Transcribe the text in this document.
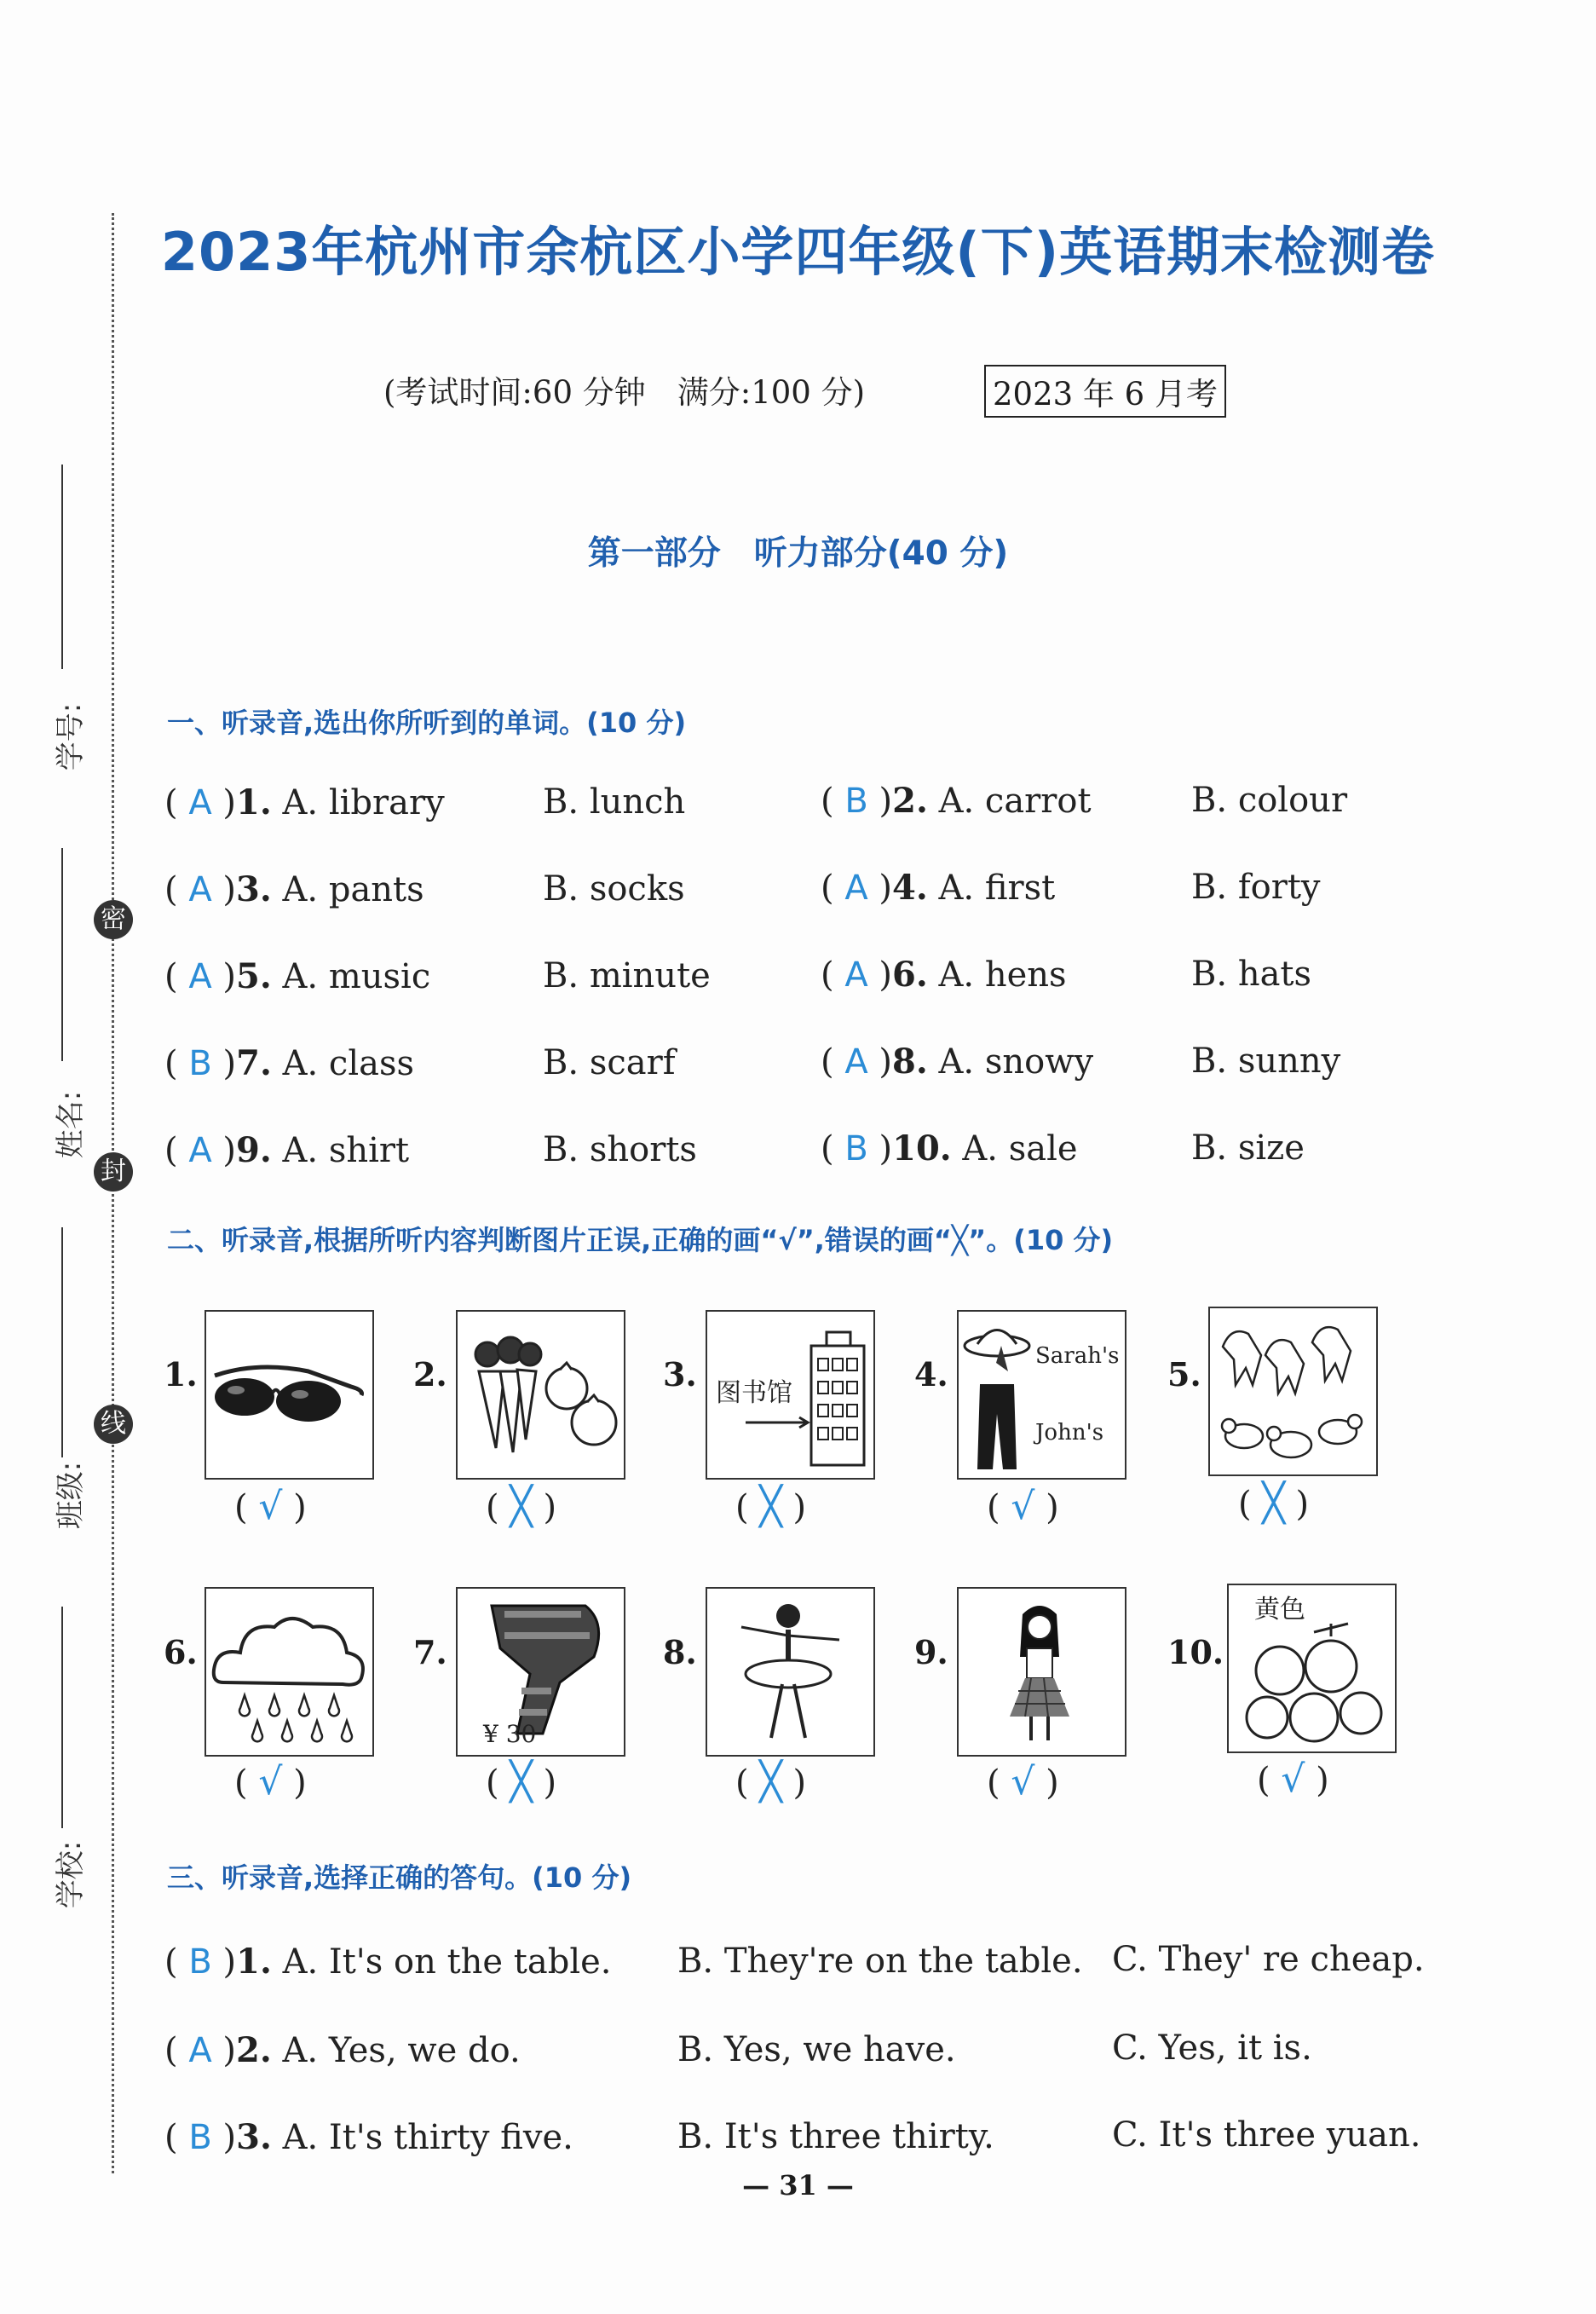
密
封
线
学号:
姓名:
班级:
学校:
2023年杭州市余杭区小学四年级(下)英语期末检测卷
(考试时间:60 分钟　满分:100 分)	2023 年 6 月考
第一部分　听力部分(40 分)
一、听录音,选出你所听到的单词。(10 分)
( A )1. A. library	B. lunch	( B )2. A. carrot	B. colour
( A )3. A. pants	B. socks	( A )4. A. first	B. forty
( A )5. A. music	B. minute	( A )6. A. hens	B. hats
( B )7. A. class	B. scarf	( A )8. A. snowy	B. sunny
( A )9. A. shirt	B. shorts	( B )10. A. sale	B. size
二、听录音,根据所听内容判断图片正误,正确的画“√”,错误的画“╳”。(10 分)
1.
( √ )
2.
( ╳ )
3. 图书馆
( ╳ )
4.	Sarah's
John's
( √ )
5.
( ╳ )
6.
( √ )
7.
¥ 30
( ╳ )
8.
( ╳ )
9.
( √ )
10.
黄色
( √ )
三、听录音,选择正确的答句。(10 分)
( B )1. A. It's on the table. B. They're on the table. C. They' re cheap.
( A )2. A. Yes, we do.	B. Yes, we have.	C. Yes, it is.
( B )3. A. It's thirty five.	B. It's three thirty.	C. It's three yuan.
— 31 —
